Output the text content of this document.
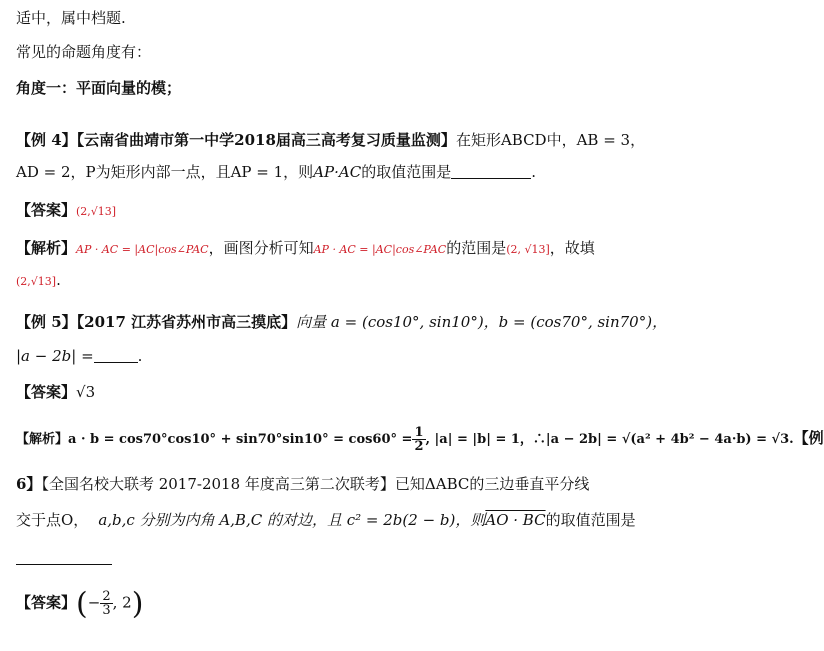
适中，属中档题.
常见的命题角度有：
角度一：平面向量的模；
【例 4】【云南省曲靖市第一中学2018届高三高考复习质量监测】在矩形ABCD中，AB = 3，
AD = 2，P为矩形内部一点，且AP = 1，则AP·AC的取值范围是	.
【答案】(2,√13]
【解析】AP · AC = |AC|cos∠PAC，画图分析可知AP · AC = |AC|cos∠PAC的范围是(2, √13]，故填
(2,√13].
【例 5】【2017 江苏省苏州市高三摸底】向量 a = (cos10°, sin10°)，b = (cos70°, sin70°)，
|a − 2b| =	.
【答案】√3
【解析】$a \cdot b = \cos 70^\circ\cos 10^\circ + \sin 70^\circ\sin 10^\circ = \cos 60^\circ = \frac{1}{2}$ , |a| = |b| = 1，∴|a − 2b| = √(a² + 4b² − 4a·b) = √3.【例
6】【全国名校大联考 2017-2018 年度高三第二次联考】已知ΔABC的三边垂直平分线
交于点O， a,b,c 分别为内角 A,B,C 的对边，且 c² = 2b(2 − b)，则AO · BC的取值范围是
【答案】(− $\frac{2}{3}$ , 2)
